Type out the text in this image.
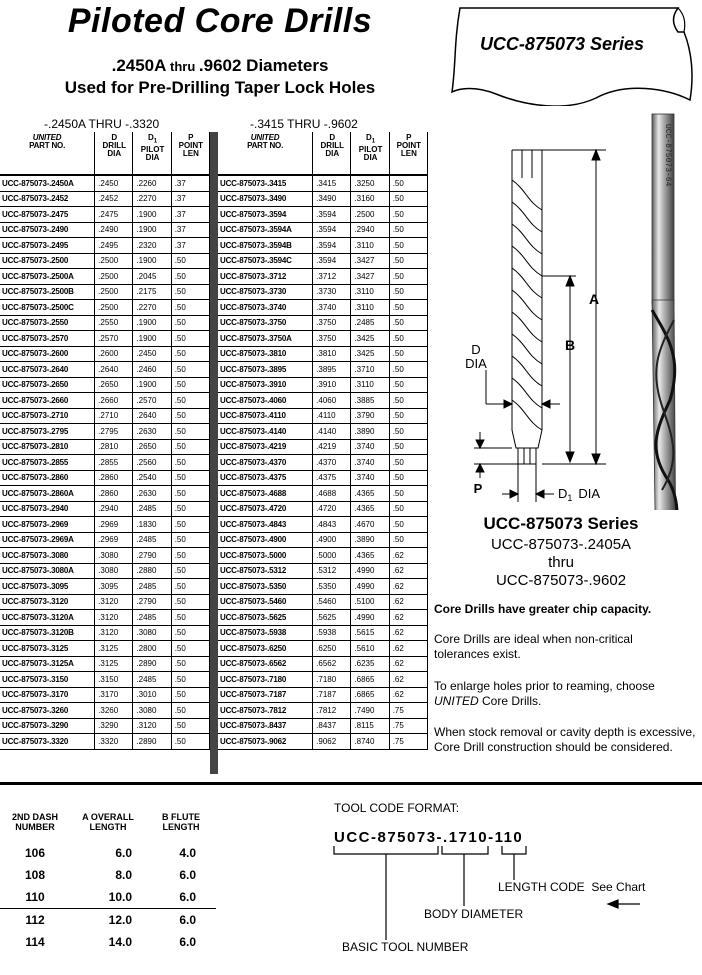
Piloted Core Drills
.2450A thru .9602 Diameters
Used for Pre-Drilling Taper Lock Holes
UCC-875073 Series
-.2450A THRU -.3320	-.3415 THRU -.9602
UNITED
PART NO.	D
DRILL
DIA	$D_1$
PILOT
DIA	P
POINT
LEN
UCC-875073-.2450A	.2450	.2260	.37
UCC-875073-.2452	.2452	.2270	.37
UCC-875073-.2475	.2475	.1900	.37
UCC-875073-.2490	.2490	.1900	.37
UCC-875073-.2495	.2495	.2320	.37
UCC-875073-.2500	.2500	.1900	.50
UCC-875073-.2500A	.2500	.2045	.50
UCC-875073-.2500B	.2500	.2175	.50
UCC-875073-.2500C	.2500	.2270	.50
UCC-875073-.2550	.2550	.1900	.50
UCC-875073-.2570	.2570	.1900	.50
UCC-875073-.2600	.2600	.2450	.50
UCC-875073-.2640	.2640	.2460	.50
UCC-875073-.2650	.2650	.1900	.50
UCC-875073-.2660	.2660	.2570	.50
UCC-875073-.2710	.2710	.2640	.50
UCC-875073-.2795	.2795	.2630	.50
UCC-875073-.2810	.2810	.2650	.50
UCC-875073-.2855	.2855	.2560	.50
UCC-875073-.2860	.2860	.2540	.50
UCC-875073-.2860A	.2860	.2630	.50
UCC-875073-.2940	.2940	.2485	.50
UCC-875073-.2969	.2969	.1830	.50
UCC-875073-.2969A	.2969	.2485	.50
UCC-875073-.3080	.3080	.2790	.50
UCC-875073-.3080A	.3080	.2880	.50
UCC-875073-.3095	.3095	.2485	.50
UCC-875073-.3120	.3120	.2790	.50
UCC-875073-.3120A	.3120	.2485	.50
UCC-875073-.3120B	.3120	.3080	.50
UCC-875073-.3125	.3125	.2800	.50
UCC-875073-.3125A	.3125	.2890	.50
UCC-875073-.3150	.3150	.2485	.50
UCC-875073-.3170	.3170	.3010	.50
UCC-875073-.3260	.3260	.3080	.50
UCC-875073-.3290	.3290	.3120	.50
UCC-875073-.3320	.3320	.2890	.50
UNITED
PART NO.	D
DRILL
DIA	$D_1$
PILOT
DIA	P
POINT
LEN
UCC-875073-.3415	.3415	.3250	.50
UCC-875073-.3490	.3490	.3160	.50
UCC-875073-.3594	.3594	.2500	.50
UCC-875073-.3594A	.3594	.2940	.50
UCC-875073-.3594B	.3594	.3110	.50
UCC-875073-.3594C	.3594	.3427	.50
UCC-875073-.3712	.3712	.3427	.50
UCC-875073-.3730	.3730	.3110	.50
UCC-875073-.3740	.3740	.3110	.50
UCC-875073-.3750	.3750	.2485	.50
UCC-875073-.3750A	.3750	.3425	.50
UCC-875073-.3810	.3810	.3425	.50
UCC-875073-.3895	.3895	.3710	.50
UCC-875073-.3910	.3910	.3110	.50
UCC-875073-.4060	.4060	.3885	.50
UCC-875073-.4110	.4110	.3790	.50
UCC-875073-.4140	.4140	.3890	.50
UCC-875073-.4219	.4219	.3740	.50
UCC-875073-.4370	.4370	.3740	.50
UCC-875073-.4375	.4375	.3740	.50
UCC-875073-.4688	.4688	.4365	.50
UCC-875073-.4720	.4720	.4365	.50
UCC-875073-.4843	.4843	.4670	.50
UCC-875073-.4900	.4900	.3890	.50
UCC-875073-.5000	.5000	.4365	.62
UCC-875073-.5312	.5312	.4990	.62
UCC-875073-.5350	.5350	.4990	.62
UCC-875073-.5460	.5460	.5100	.62
UCC-875073-.5625	.5625	.4990	.62
UCC-875073-.5938	.5938	.5615	.62
UCC-875073-.6250	.6250	.5610	.62
UCC-875073-.6562	.6562	.6235	.62
UCC-875073-.7180	.7180	.6865	.62
UCC-875073-.7187	.7187	.6865	.62
UCC-875073-.7812	.7812	.7490	.75
UCC-875073-.8437	.8437	.8115	.75
UCC-875073-.9062	.9062	.8740	.75
A
B
D
DIA
P	$D_1$ DIA
UCC-875073-64
UCC-875073 Series
UCC-875073-.2405A
thru
UCC-875073-.9602
Core Drills have greater chip capacity.
Core Drills are ideal when non-critical tolerances exist.
To enlarge holes prior to reaming, choose UNITED Core Drills.
When stock removal or cavity depth is excessive, Core Drill construction should be considered.
2ND DASH
NUMBER	A OVERALL
LENGTH	B FLUTE
LENGTH
106	6.0	4.0
108	8.0	6.0
110	10.0	6.0
112	12.0	6.0
114	14.0	6.0
TOOL CODE FORMAT:
UCC-875073-.1710-110
LENGTH CODE See Chart
BODY DIAMETER
BASIC TOOL NUMBER
